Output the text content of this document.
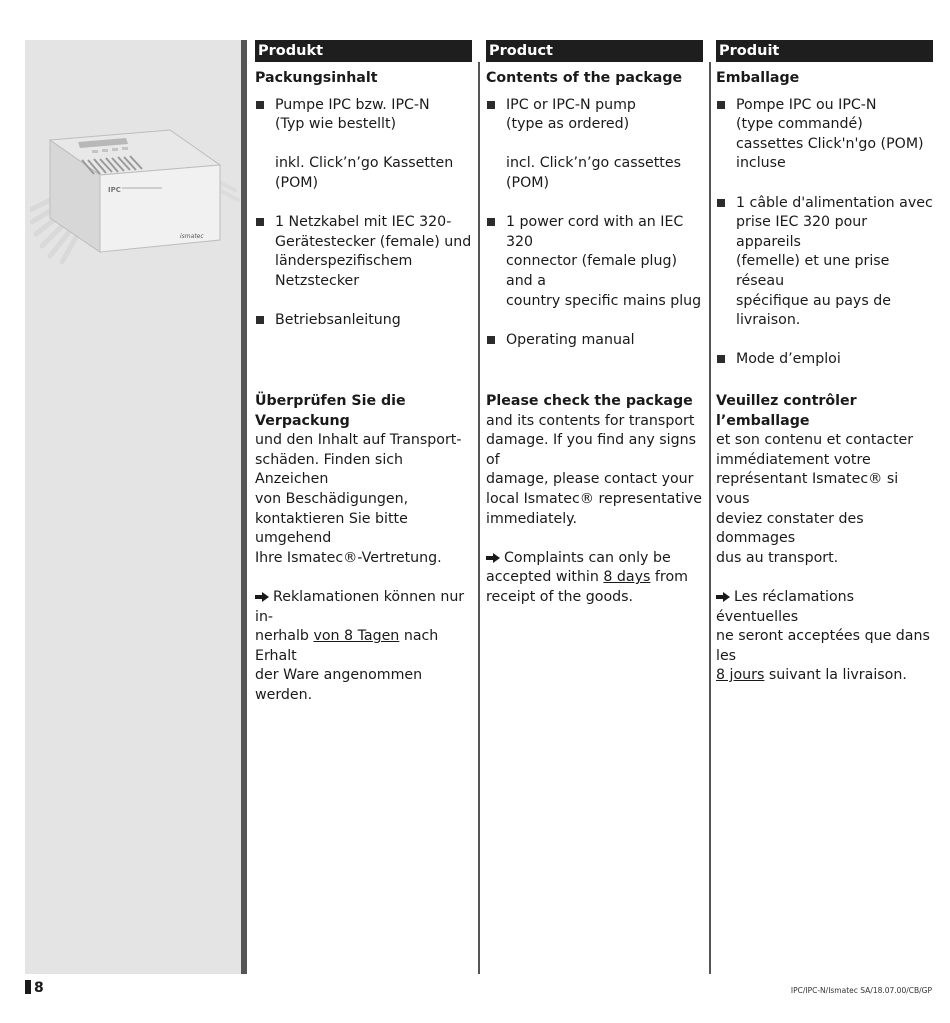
IPC
ismatec
Produkt
Packungsinhalt
Pumpe IPC bzw. IPC-N
(Typ wie bestellt)
inkl. Click’n’go Kassetten
(POM)
1 Netzkabel mit IEC 320-
Gerätestecker (female) und
länderspezifischem
Netzstecker
Betriebsanleitung
Überprüfen Sie die Verpackung
und den Inhalt auf Transport-
schäden. Finden sich Anzeichen
von Beschädigungen,
kontaktieren Sie bitte umgehend
Ihre Ismatec®-Vertretung.
Reklamationen können nur in-
nerhalb von 8 Tagen nach Erhalt
der Ware angenommen werden.
Product
Contents of the package
IPC or IPC-N pump
(type as ordered)
incl. Click’n’go cassettes
(POM)
1 power cord with an IEC 320
connector (female plug) and a
country specific mains plug
Operating manual
Please check the package
and its contents for transport
damage. If you find any signs of
damage, please contact your
local Ismatec® representative
immediately.
Complaints can only be
accepted within 8 days from
receipt of the goods.
Produit
Emballage
Pompe IPC ou IPC-N
(type commandé)
cassettes Click'n'go (POM)
incluse
1 câble d'alimentation avec
prise IEC 320 pour appareils
(femelle) et une prise réseau
spécifique au pays de
livraison.
Mode d’emploi
Veuillez contrôler l’emballage
et son contenu et contacter
immédiatement votre
représentant Ismatec® si vous
deviez constater des dommages
dus au transport.
Les réclamations éventuelles
ne seront acceptées que dans les
8 jours suivant la livraison.
8	IPC/IPC-N/Ismatec SA/18.07.00/CB/GP
